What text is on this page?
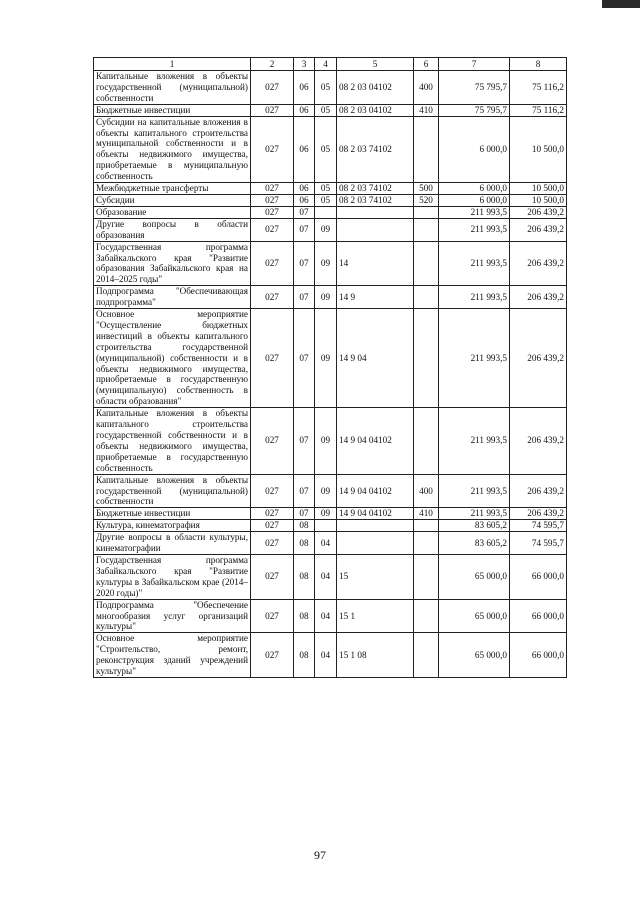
1	2	3	4	5	6	7	8
Капитальные вложения в объекты государственной (муниципальной) собственности	027	06	05	08 2 03 04102	400	75 795,7	75 116,2
Бюджетные инвестиции	027	06	05	08 2 03 04102	410	75 795,7	75 116,2
Субсидии на капитальные вложения в объекты капитального строительства муниципальной собственности и в объекты недвижимого имущества, приобретаемые в муниципальную собственность	027	06	05	08 2 03 74102		6 000,0	10 500,0
Межбюджетные трансферты	027	06	05	08 2 03 74102	500	6 000,0	10 500,0
Субсидии	027	06	05	08 2 03 74102	520	6 000,0	10 500,0
Образование	027	07				211 993,5	206 439,2
Другие вопросы в области образования	027	07	09			211 993,5	206 439,2
Государственная программа Забайкальского края "Развитие образования Забайкальского края на 2014–2025 годы"	027	07	09	14		211 993,5	206 439,2
Подпрограмма "Обеспечивающая подпрограмма"	027	07	09	14 9		211 993,5	206 439,2
Основное мероприятие "Осуществление бюджетных инвестиций в объекты капитального строительства государственной (муниципальной) собственности и в объекты недвижимого имущества, приобретаемые в государственную (муниципальную) собственность в области образования"	027	07	09	14 9 04		211 993,5	206 439,2
Капитальные вложения в объекты капитального строительства государственной собственности и в объекты недвижимого имущества, приобретаемые в государственную собственность	027	07	09	14 9 04 04102		211 993,5	206 439,2
Капитальные вложения в объекты государственной (муниципальной) собственности	027	07	09	14 9 04 04102	400	211 993,5	206 439,2
Бюджетные инвестиции	027	07	09	14 9 04 04102	410	211 993,5	206 439,2
Культура, кинематография	027	08				83 605,2	74 595,7
Другие вопросы в области культуры, кинематографии	027	08	04			83 605,2	74 595,7
Государственная программа Забайкальского края "Развитие культуры в Забайкальском крае (2014–2020 годы)"	027	08	04	15		65 000,0	66 000,0
Подпрограмма "Обеспечение многообразия услуг организаций культуры"	027	08	04	15 1		65 000,0	66 000,0
Основное мероприятие "Строительство, ремонт, реконструкция зданий учреждений культуры"	027	08	04	15 1 08		65 000,0	66 000,0
97
